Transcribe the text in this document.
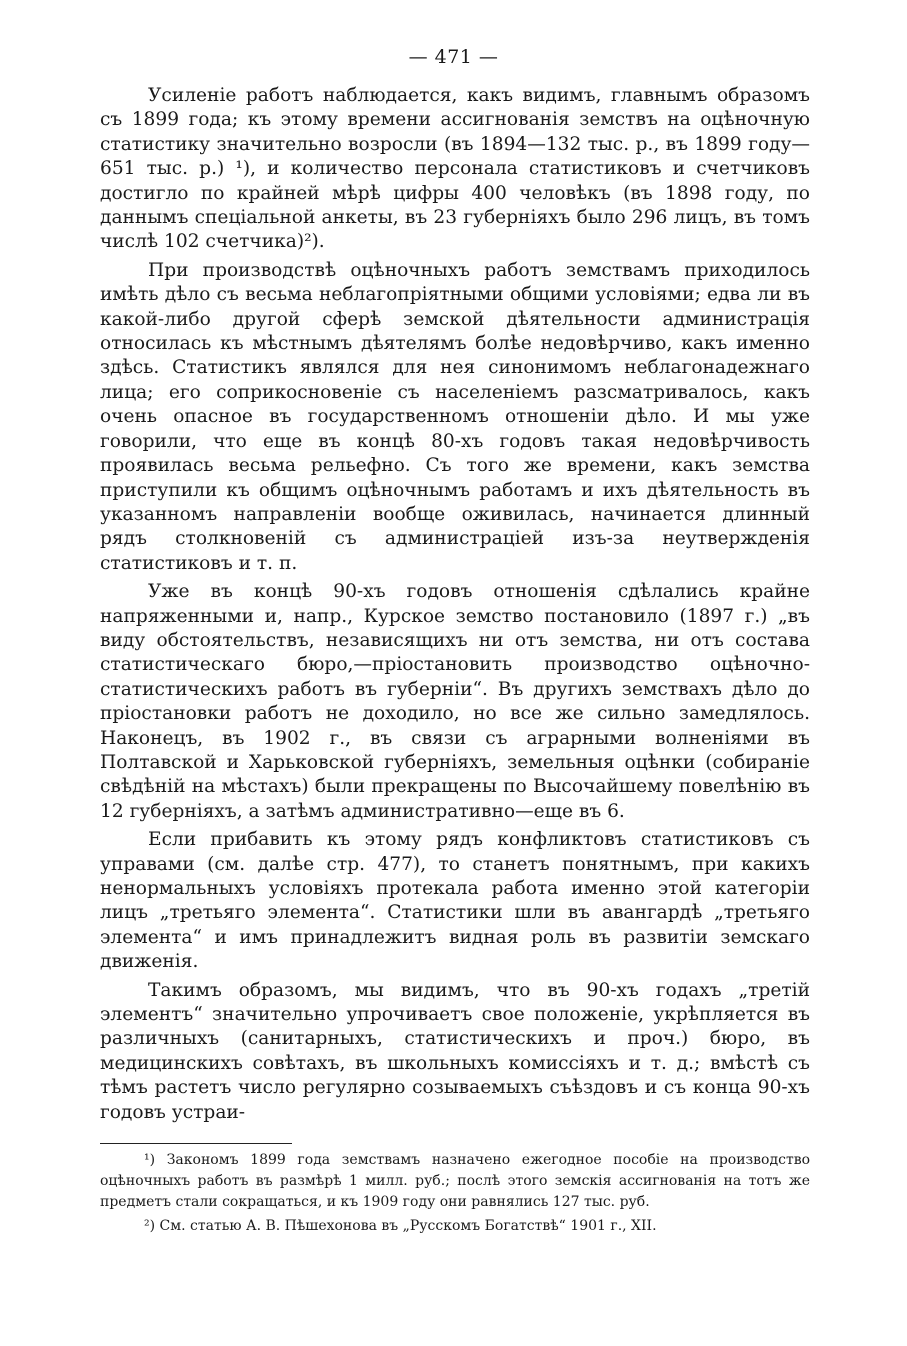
— 471 —

Усиленіе работъ наблюдается, какъ видимъ, главнымъ образомъ съ 1899 года; къ этому времени ассигнованія земствъ на оцѣночную статистику значительно возросли (въ 1894—132 тыс. р., въ 1899 году—651 тыс. р.) ¹), и количество персонала статистиковъ и счетчиковъ достигло по крайней мѣрѣ цифры 400 человѣкъ (въ 1898 году, по даннымъ спеціальной анкеты, въ 23 губерніяхъ было 296 лицъ, въ томъ числѣ 102 счетчика)²).

При производствѣ оцѣночныхъ работъ земствамъ приходилось имѣть дѣло съ весьма неблагопріятными общими условіями; едва ли въ какой-либо другой сферѣ земской дѣятельности администрація относилась къ мѣстнымъ дѣятелямъ болѣе недовѣрчиво, какъ именно здѣсь. Статистикъ являлся для нея синонимомъ неблагонадежнаго лица; его соприкосновеніе съ населеніемъ разсматривалось, какъ очень опасное въ государственномъ отношеніи дѣло. И мы уже говорили, что еще въ концѣ 80-хъ годовъ такая недовѣрчивость проявилась весьма рельефно. Съ того же времени, какъ земства приступили къ общимъ оцѣночнымъ работамъ и ихъ дѣятельность въ указанномъ направленіи вообще оживилась, начинается длинный рядъ столкновеній съ администраціей изъ-за неутвержденія статистиковъ и т. п.

Уже въ концѣ 90-хъ годовъ отношенія сдѣлались крайне напряженными и, напр., Курское земство постановило (1897 г.) „въ виду обстоятельствъ, независящихъ ни отъ земства, ни отъ состава статистическаго бюро,—пріостановить производство оцѣночно-статистическихъ работъ въ губерніи“. Въ другихъ земствахъ дѣло до пріостановки работъ не доходило, но все же сильно замедлялось. Наконецъ, въ 1902 г., въ связи съ аграрными волненіями въ Полтавской и Харьковской губерніяхъ, земельныя оцѣнки (собираніе свѣдѣній на мѣстахъ) были прекращены по Высочайшему повелѣнію въ 12 губерніяхъ, а затѣмъ административно—еще въ 6.

Если прибавить къ этому рядъ конфликтовъ статистиковъ съ управами (см. далѣе стр. 477), то станетъ понятнымъ, при какихъ ненормальныхъ условіяхъ протекала работа именно этой категоріи лицъ „третьяго элемента“. Статистики шли въ авангардѣ „третьяго элемента“ и имъ принадлежитъ видная роль въ развитіи земскаго движенія.

Такимъ образомъ, мы видимъ, что въ 90-хъ годахъ „третій элементъ“ значительно упрочиваетъ свое положеніе, укрѣпляется въ различныхъ (санитарныхъ, статистическихъ и проч.) бюро, въ медицинскихъ совѣтахъ, въ школьныхъ комиссіяхъ и т. д.; вмѣстѣ съ тѣмъ растетъ число регулярно созываемыхъ съѣздовъ и съ конца 90-хъ годовъ устраи-

¹) Закономъ 1899 года земствамъ назначено ежегодное пособіе на производство оцѣночныхъ работъ въ размѣрѣ 1 милл. руб.; послѣ этого земскія ассигнованія на тотъ же предметъ стали сокращаться, и къ 1909 году они равнялись 127 тыс. руб.

²) См. статью А. В. Пѣшехонова въ „Русскомъ Богатствѣ“ 1901 г., XII.
